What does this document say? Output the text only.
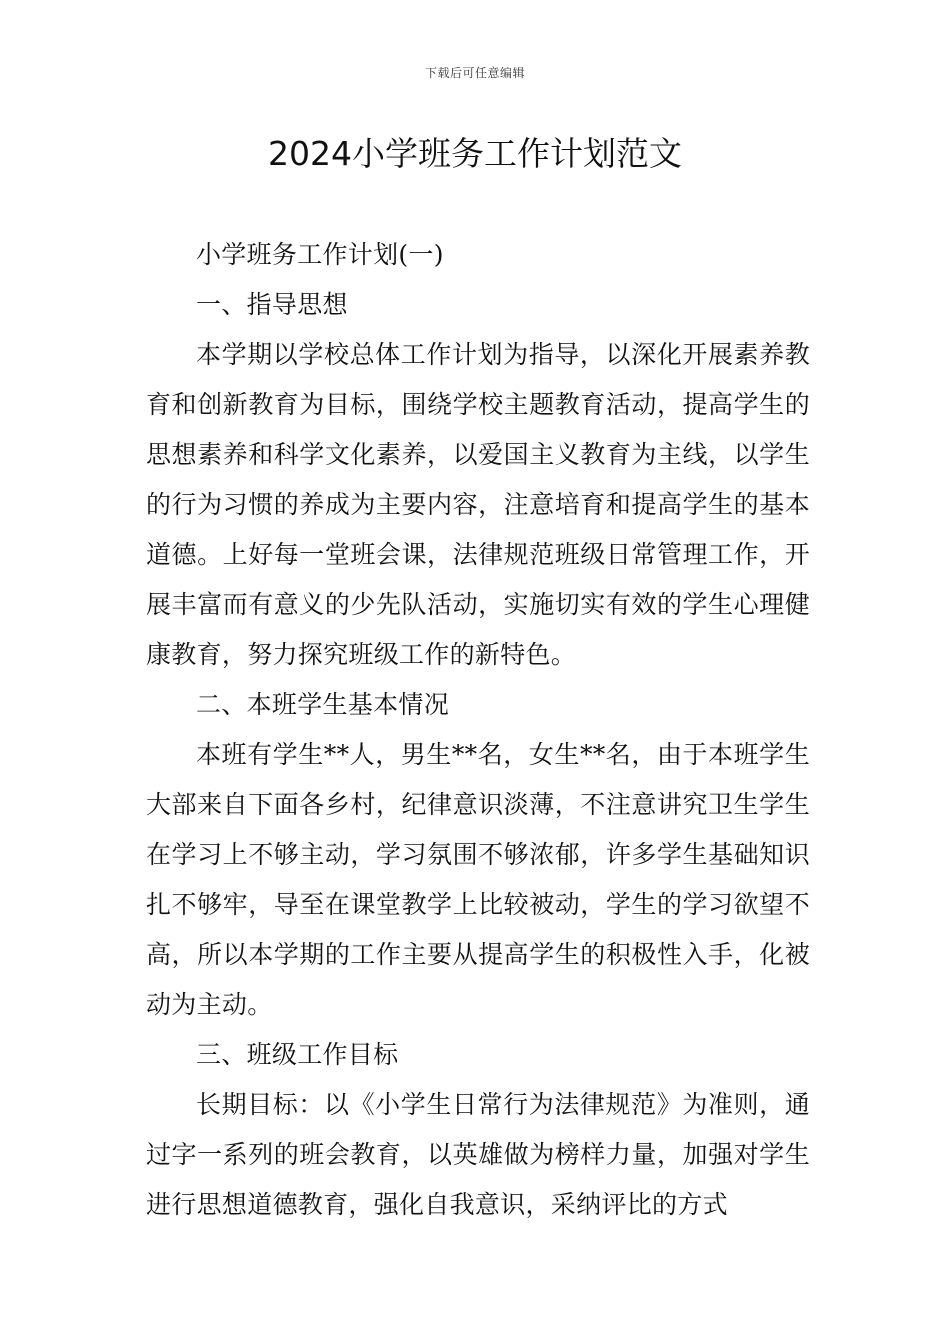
下载后可任意编辑
2024小学班务工作计划范文

小学班务工作计划(一)

一、指导思想

本学期以学校总体工作计划为指导，以深化开展素养教育和创新教育为目标，围绕学校主题教育活动，提高学生的思想素养和科学文化素养，以爱国主义教育为主线，以学生的行为习惯的养成为主要内容，注意培育和提高学生的基本道德。上好每一堂班会课，法律规范班级日常管理工作，开展丰富而有意义的少先队活动，实施切实有效的学生心理健康教育，努力探究班级工作的新特色。

二、本班学生基本情况

本班有学生**人，男生**名，女生**名，由于本班学生大部来自下面各乡村，纪律意识淡薄，不注意讲究卫生学生在学习上不够主动，学习氛围不够浓郁，许多学生基础知识扎不够牢，导至在课堂教学上比较被动，学生的学习欲望不高，所以本学期的工作主要从提高学生的积极性入手，化被动为主动。

三、班级工作目标

长期目标：以《小学生日常行为法律规范》为准则，通过字一系列的班会教育，以英雄做为榜样力量，加强对学生进行思想道德教育，强化自我意识，采纳评比的方式
